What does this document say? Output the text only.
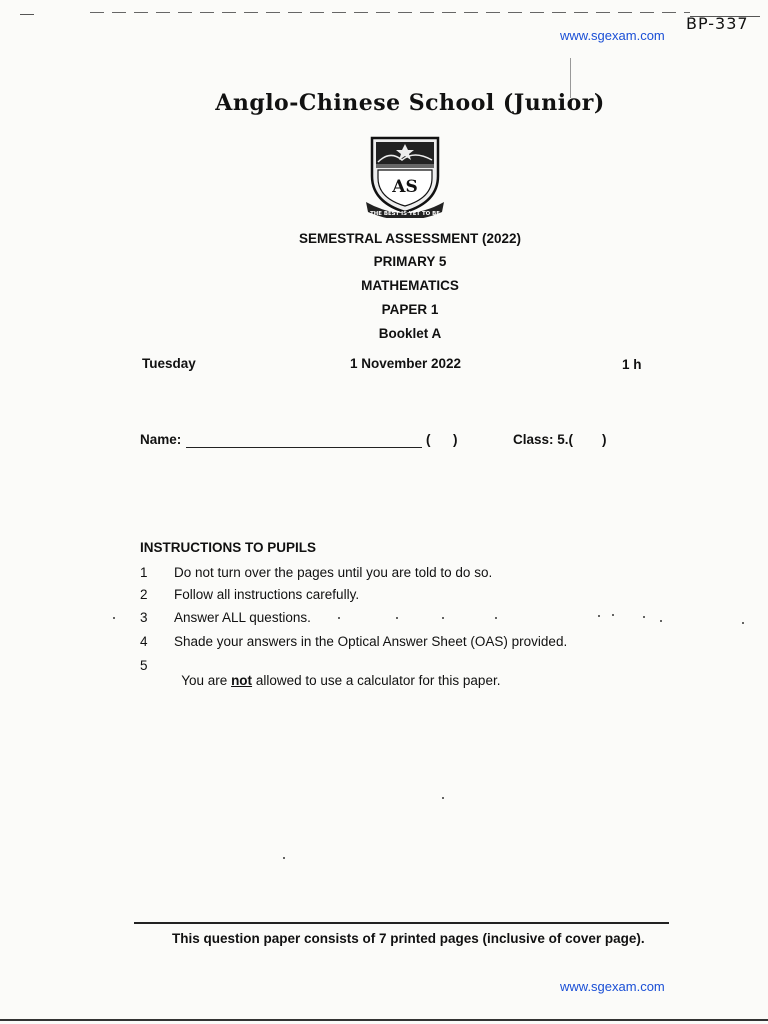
BP-337
www.sgexam.com
Anglo-Chinese School (Junior)
AS
THE BEST IS YET TO BE
SEMESTRAL ASSESSMENT (2022)
PRIMARY 5
MATHEMATICS
PAPER 1
Booklet A
Tuesday	1 November 2022	1 h
Name:	(      )	Class: 5.( )
INSTRUCTIONS TO PUPILS
1	Do not turn over the pages until you are told to do so.
2	Follow all instructions carefully.
3	Answer ALL questions.
4	Shade your answers in the Optical Answer Sheet (OAS) provided.
5

You are not allowed to use a calculator for this paper.

This question paper consists of 7 printed pages (inclusive of cover page).
www.sgexam.com
